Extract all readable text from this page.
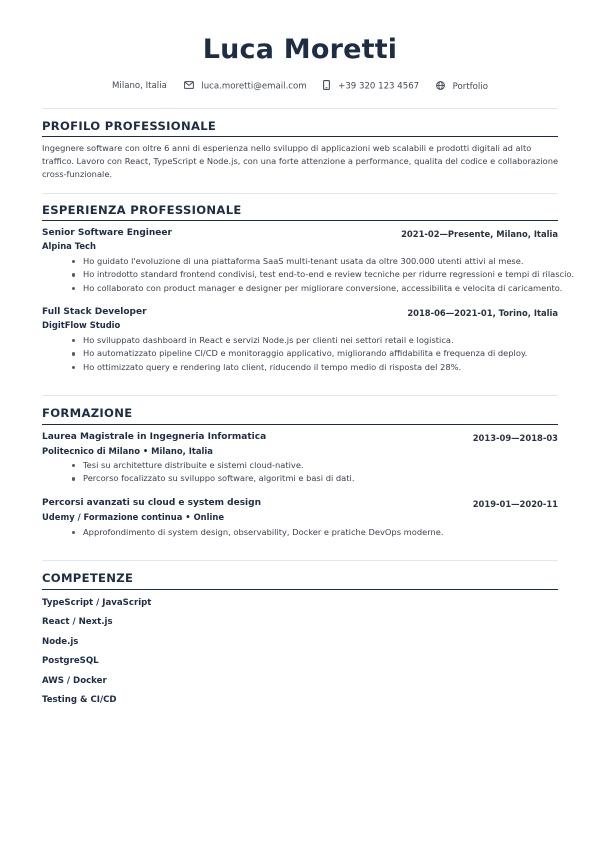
Luca Moretti
Milano, Italia	luca.moretti@email.com	+39 320 123 4567	Portfolio
PROFILO PROFESSIONALE
Ingegnere software con oltre 6 anni di esperienza nello sviluppo di applicazioni web scalabili e prodotti digitali ad alto traffico. Lavoro con React, TypeScript e Node.js, con una forte attenzione a performance, qualita del codice e collaborazione cross-funzionale.
ESPERIENZA PROFESSIONALE
Senior Software Engineer	2021-02—Presente, Milano, Italia
Alpina Tech
Ho guidato l'evoluzione di una piattaforma SaaS multi-tenant usata da oltre 300.000 utenti attivi al mese.
Ho introdotto standard frontend condivisi, test end-to-end e review tecniche per ridurre regressioni e tempi di rilascio.
Ho collaborato con product manager e designer per migliorare conversione, accessibilita e velocita di caricamento.
Full Stack Developer	2018-06—2021-01, Torino, Italia
DigitFlow Studio
Ho sviluppato dashboard in React e servizi Node.js per clienti nei settori retail e logistica.
Ho automatizzato pipeline CI/CD e monitoraggio applicativo, migliorando affidabilita e frequenza di deploy.
Ho ottimizzato query e rendering lato client, riducendo il tempo medio di risposta del 28%.
FORMAZIONE
Laurea Magistrale in Ingegneria Informatica	2013-09—2018-03
Politecnico di Milano • Milano, Italia
Tesi su architetture distribuite e sistemi cloud-native.
Percorso focalizzato su sviluppo software, algoritmi e basi di dati.
Percorsi avanzati su cloud e system design	2019-01—2020-11
Udemy / Formazione continua • Online
Approfondimento di system design, observability, Docker e pratiche DevOps moderne.
COMPETENZE
TypeScript / JavaScript
React / Next.js
Node.js
PostgreSQL
AWS / Docker
Testing & CI/CD
